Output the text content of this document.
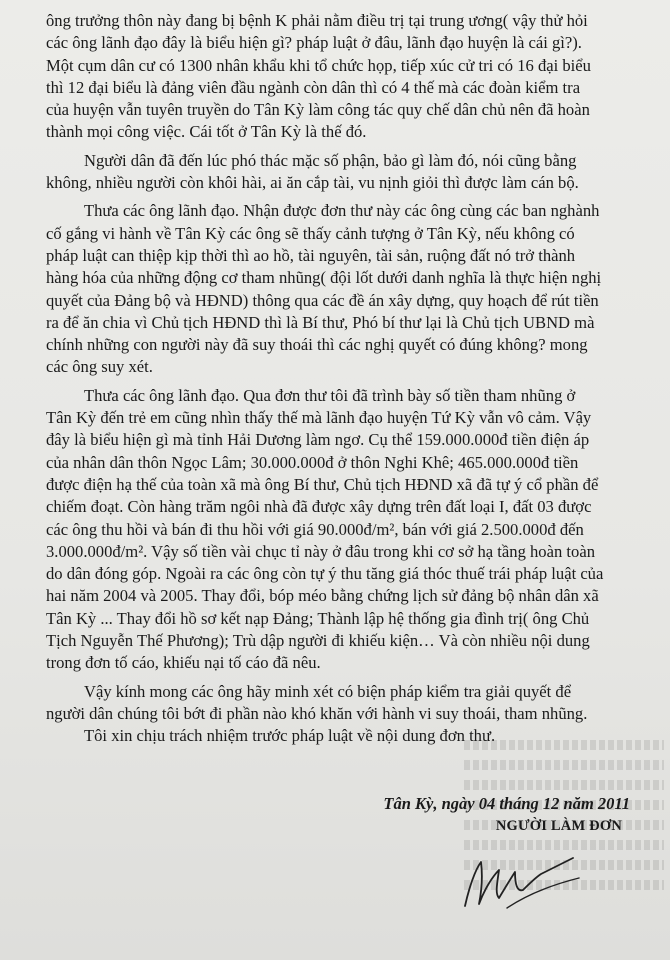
ông trưởng thôn này đang bị bệnh K phải nằm điều trị tại trung ương( vậy thử hỏi
các ông lãnh đạo đây là biểu hiện gì? pháp luật ở đâu, lãnh đạo huyện là cái gì?).
Một cụm dân cư có 1300 nhân khẩu khi tổ chức họp, tiếp xúc cử tri có 16 đại biểu
thì 12 đại biểu là đảng viên đầu ngành còn dân thì có 4 thế mà các đoàn kiểm tra
của huyện vẫn tuyên truyền do Tân Kỳ làm công tác quy chế dân chủ nên đã hoàn
thành mọi công việc. Cái tốt ở Tân Kỳ là thế đó.
Người dân đã đến lúc phó thác mặc số phận, bảo gì làm đó, nói cũng bằng
không, nhiều người còn khôi hài, ai ăn cắp tài, vu nịnh giỏi thì được làm cán bộ.
Thưa các ông lãnh đạo. Nhận được đơn thư này các ông cùng các ban nghành
cố gắng vi hành về Tân Kỳ các ông sẽ thấy cảnh tượng ở Tân Kỳ, nếu không có
pháp luật can thiệp kịp thời thì ao hồ, tài nguyên, tài sản, ruộng đất nó trở thành
hàng hóa của những động cơ tham nhũng( đội lốt dưới danh nghĩa là thực hiện nghị
quyết của Đảng bộ và HĐND) thông qua các đề án xây dựng, quy hoạch để rút tiền
ra để ăn chia vì Chủ tịch HĐND thì là Bí thư, Phó bí thư lại là Chủ tịch UBND mà
chính những con người này đã suy thoái thì các nghị quyết có đúng không? mong
các ông suy xét.
Thưa các ông lãnh đạo. Qua đơn thư tôi đã trình bày số tiền tham nhũng ở
Tân Kỳ đến trẻ em cũng nhìn thấy thế mà lãnh đạo huyện Tứ Kỳ vẫn vô cảm. Vậy
đây là biểu hiện gì mà tỉnh Hải Dương làm ngơ. Cụ thể 159.000.000đ tiền điện áp
của nhân dân thôn Ngọc Lâm; 30.000.000đ ở thôn Nghi Khê; 465.000.000đ tiền
được điện hạ thế của toàn xã mà ông Bí thư, Chủ tịch HĐND xã đã tự ý cổ phần để
chiếm đoạt. Còn hàng trăm ngôi nhà đã được xây dựng trên đất loại I, đất 03 được
các ông thu hồi và bán đi thu hồi với giá 90.000đ/m², bán với giá 2.500.000đ đến
3.000.000đ/m². Vậy số tiền vài chục tỉ này ở đâu trong khi cơ sở hạ tầng hoàn toàn
do dân đóng góp. Ngoài ra các ông còn tự ý thu tăng giá thóc thuế trái pháp luật của
hai năm 2004 và 2005. Thay đổi, bóp méo bằng chứng lịch sử đảng bộ nhân dân xã
Tân Kỳ ... Thay đổi hồ sơ kết nạp Đảng; Thành lập hệ thống gia đình trị( ông Chủ
Tịch Nguyễn Thế Phương); Trù dập người đi khiếu kiện… Và còn nhiều nội dung
trong đơn tố cáo, khiếu nại tố cáo đã nêu.
Vậy kính mong các ông hãy minh xét có biện pháp kiểm tra giải quyết để
người dân chúng tôi bớt đi phần nào khó khăn với hành vi suy thoái, tham nhũng.
Tôi xin chịu trách nhiệm trước pháp luật về nội dung đơn thư.
Tân Kỳ, ngày 04 tháng 12 năm 2011
NGƯỜI LÀM ĐƠN
